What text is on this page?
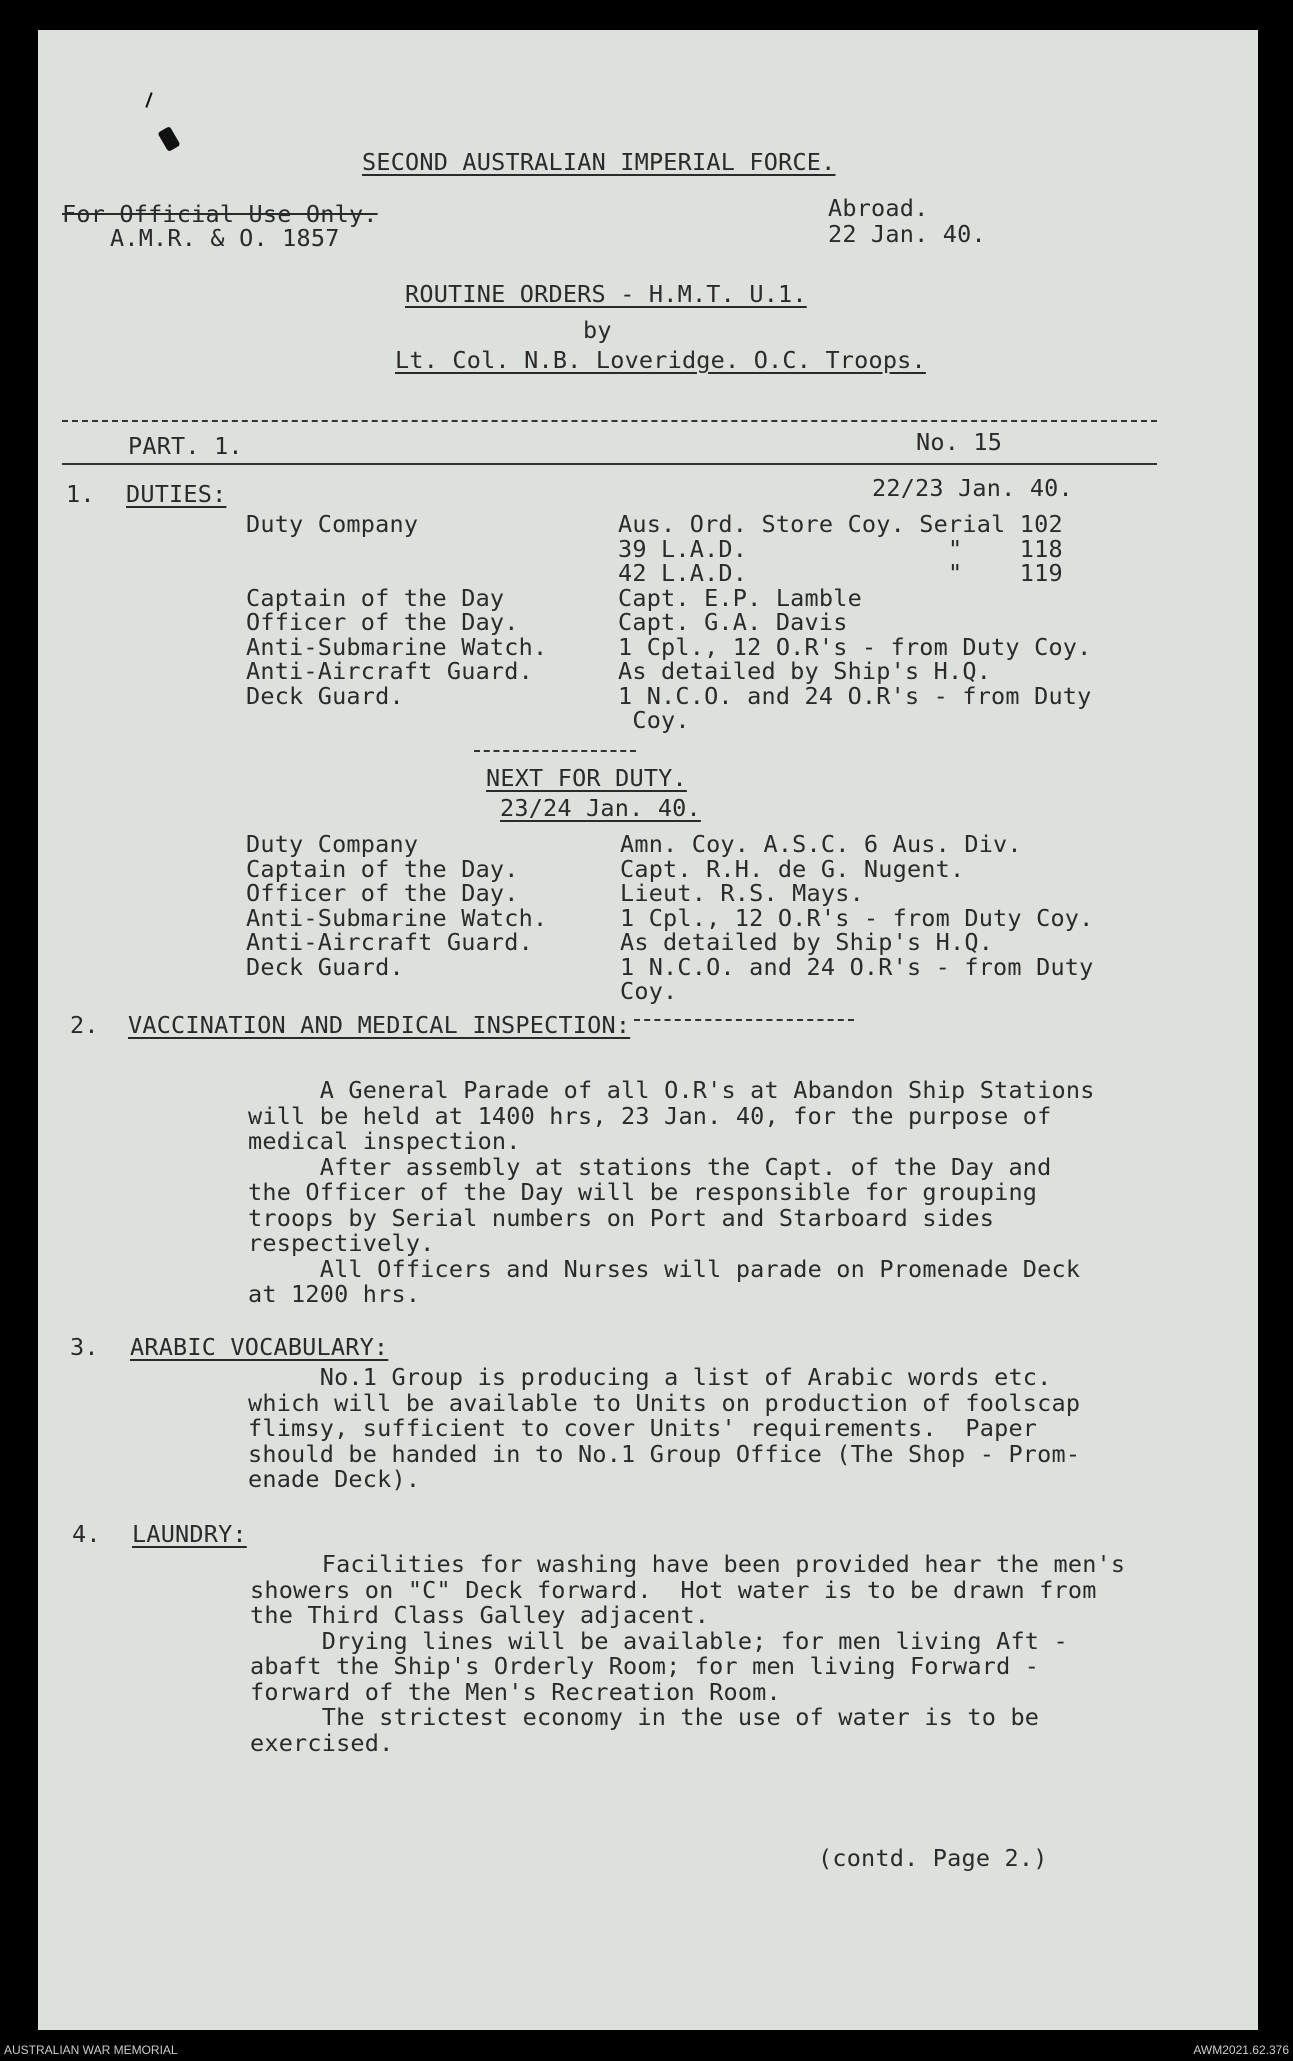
SECOND AUSTRALIAN IMPERIAL FORCE.
For Official Use Only.
A.M.R. & O. 1857
Abroad.
22 Jan. 40.
ROUTINE ORDERS - H.M.T. U.1.
by
Lt. Col. N.B. Loveridge. O.C. Troops.
PART. 1.	No. 15
1. DUTIES:	22/23 Jan. 40.
Duty Company	Aus. Ord. Store Coy. Serial 102
39 L.A.D.              "    118
42 L.A.D.              "    119
Captain of the Day	Capt. E.P. Lamble
Officer of the Day.	Capt. G.A. Davis
Anti-Submarine Watch.	1 Cpl., 12 O.R's - from Duty Coy.
Anti-Aircraft Guard.	As detailed by Ship's H.Q.
Deck Guard.	1 N.C.O. and 24 O.R's - from Duty
Coy.
NEXT FOR DUTY.
23/24 Jan. 40.
Duty Company	Amn. Coy. A.S.C. 6 Aus. Div.
Captain of the Day.	Capt. R.H. de G. Nugent.
Officer of the Day.	Lieut. R.S. Mays.
Anti-Submarine Watch.	1 Cpl., 12 O.R's - from Duty Coy.
Anti-Aircraft Guard.	As detailed by Ship's H.Q.
Deck Guard.	1 N.C.O. and 24 O.R's - from Duty
Coy.
2. VACCINATION AND MEDICAL INSPECTION:
A General Parade of all O.R's at Abandon Ship Stations
will be held at 1400 hrs, 23 Jan. 40, for the purpose of
medical inspection.
After assembly at stations the Capt. of the Day and
the Officer of the Day will be responsible for grouping
troops by Serial numbers on Port and Starboard sides
respectively.
All Officers and Nurses will parade on Promenade Deck
at 1200 hrs.
3. ARABIC VOCABULARY:
No.1 Group is producing a list of Arabic words etc.
which will be available to Units on production of foolscap
flimsy, sufficient to cover Units' requirements.  Paper
should be handed in to No.1 Group Office (The Shop - Prom-
enade Deck).
4. LAUNDRY:
Facilities for washing have been provided hear the men's
showers on "C" Deck forward.  Hot water is to be drawn from
the Third Class Galley adjacent.
Drying lines will be available; for men living Aft -
abaft the Ship's Orderly Room; for men living Forward -
forward of the Men's Recreation Room.
The strictest economy in the use of water is to be
exercised.
(contd. Page 2.)
AUSTRALIAN WAR MEMORIAL	AWM2021.62.376
